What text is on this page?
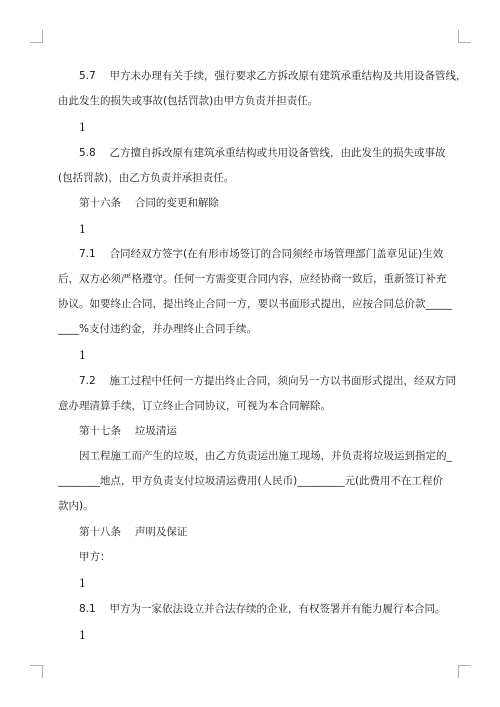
5.7　 甲方未办理有关手续，强行要求乙方拆改原有建筑承重结构及共用设备管线，
由此发生的损失或事故(包括罚款)由甲方负责并担责任。
1
5.8　 乙方擅自拆改原有建筑承重结构或共用设备管线，由此发生的损失或事故
(包括罚款)，由乙方负责并承担责任。
第十六条　 合同的变更和解除
1
7.1　 合同经双方签字(在有形市场签订的合同须经市场管理部门盖章见证)生效
后，双方必须严格遵守。任何一方需变更合同内容，应经协商一致后，重新签订补充
协议。如要终止合同，提出终止合同一方，要以书面形式提出，应按合同总价款_____
____%支付违约金，并办理终止合同手续。
1
7.2　 施工过程中任何一方提出终止合同，须向另一方以书面形式提出，经双方同
意办理清算手续，订立终止合同协议，可视为本合同解除。
第十七条　 垃圾清运
因工程施工而产生的垃圾，由乙方负责运出施工现场，并负责将垃圾运到指定的_
________地点，甲方负责支付垃圾清运费用(人民币)_________元(此费用不在工程价
款内)。
第十八条　 声明及保证
甲方：
1
8.1　 甲方为一家依法设立并合法存续的企业，有权签署并有能力履行本合同。
1
